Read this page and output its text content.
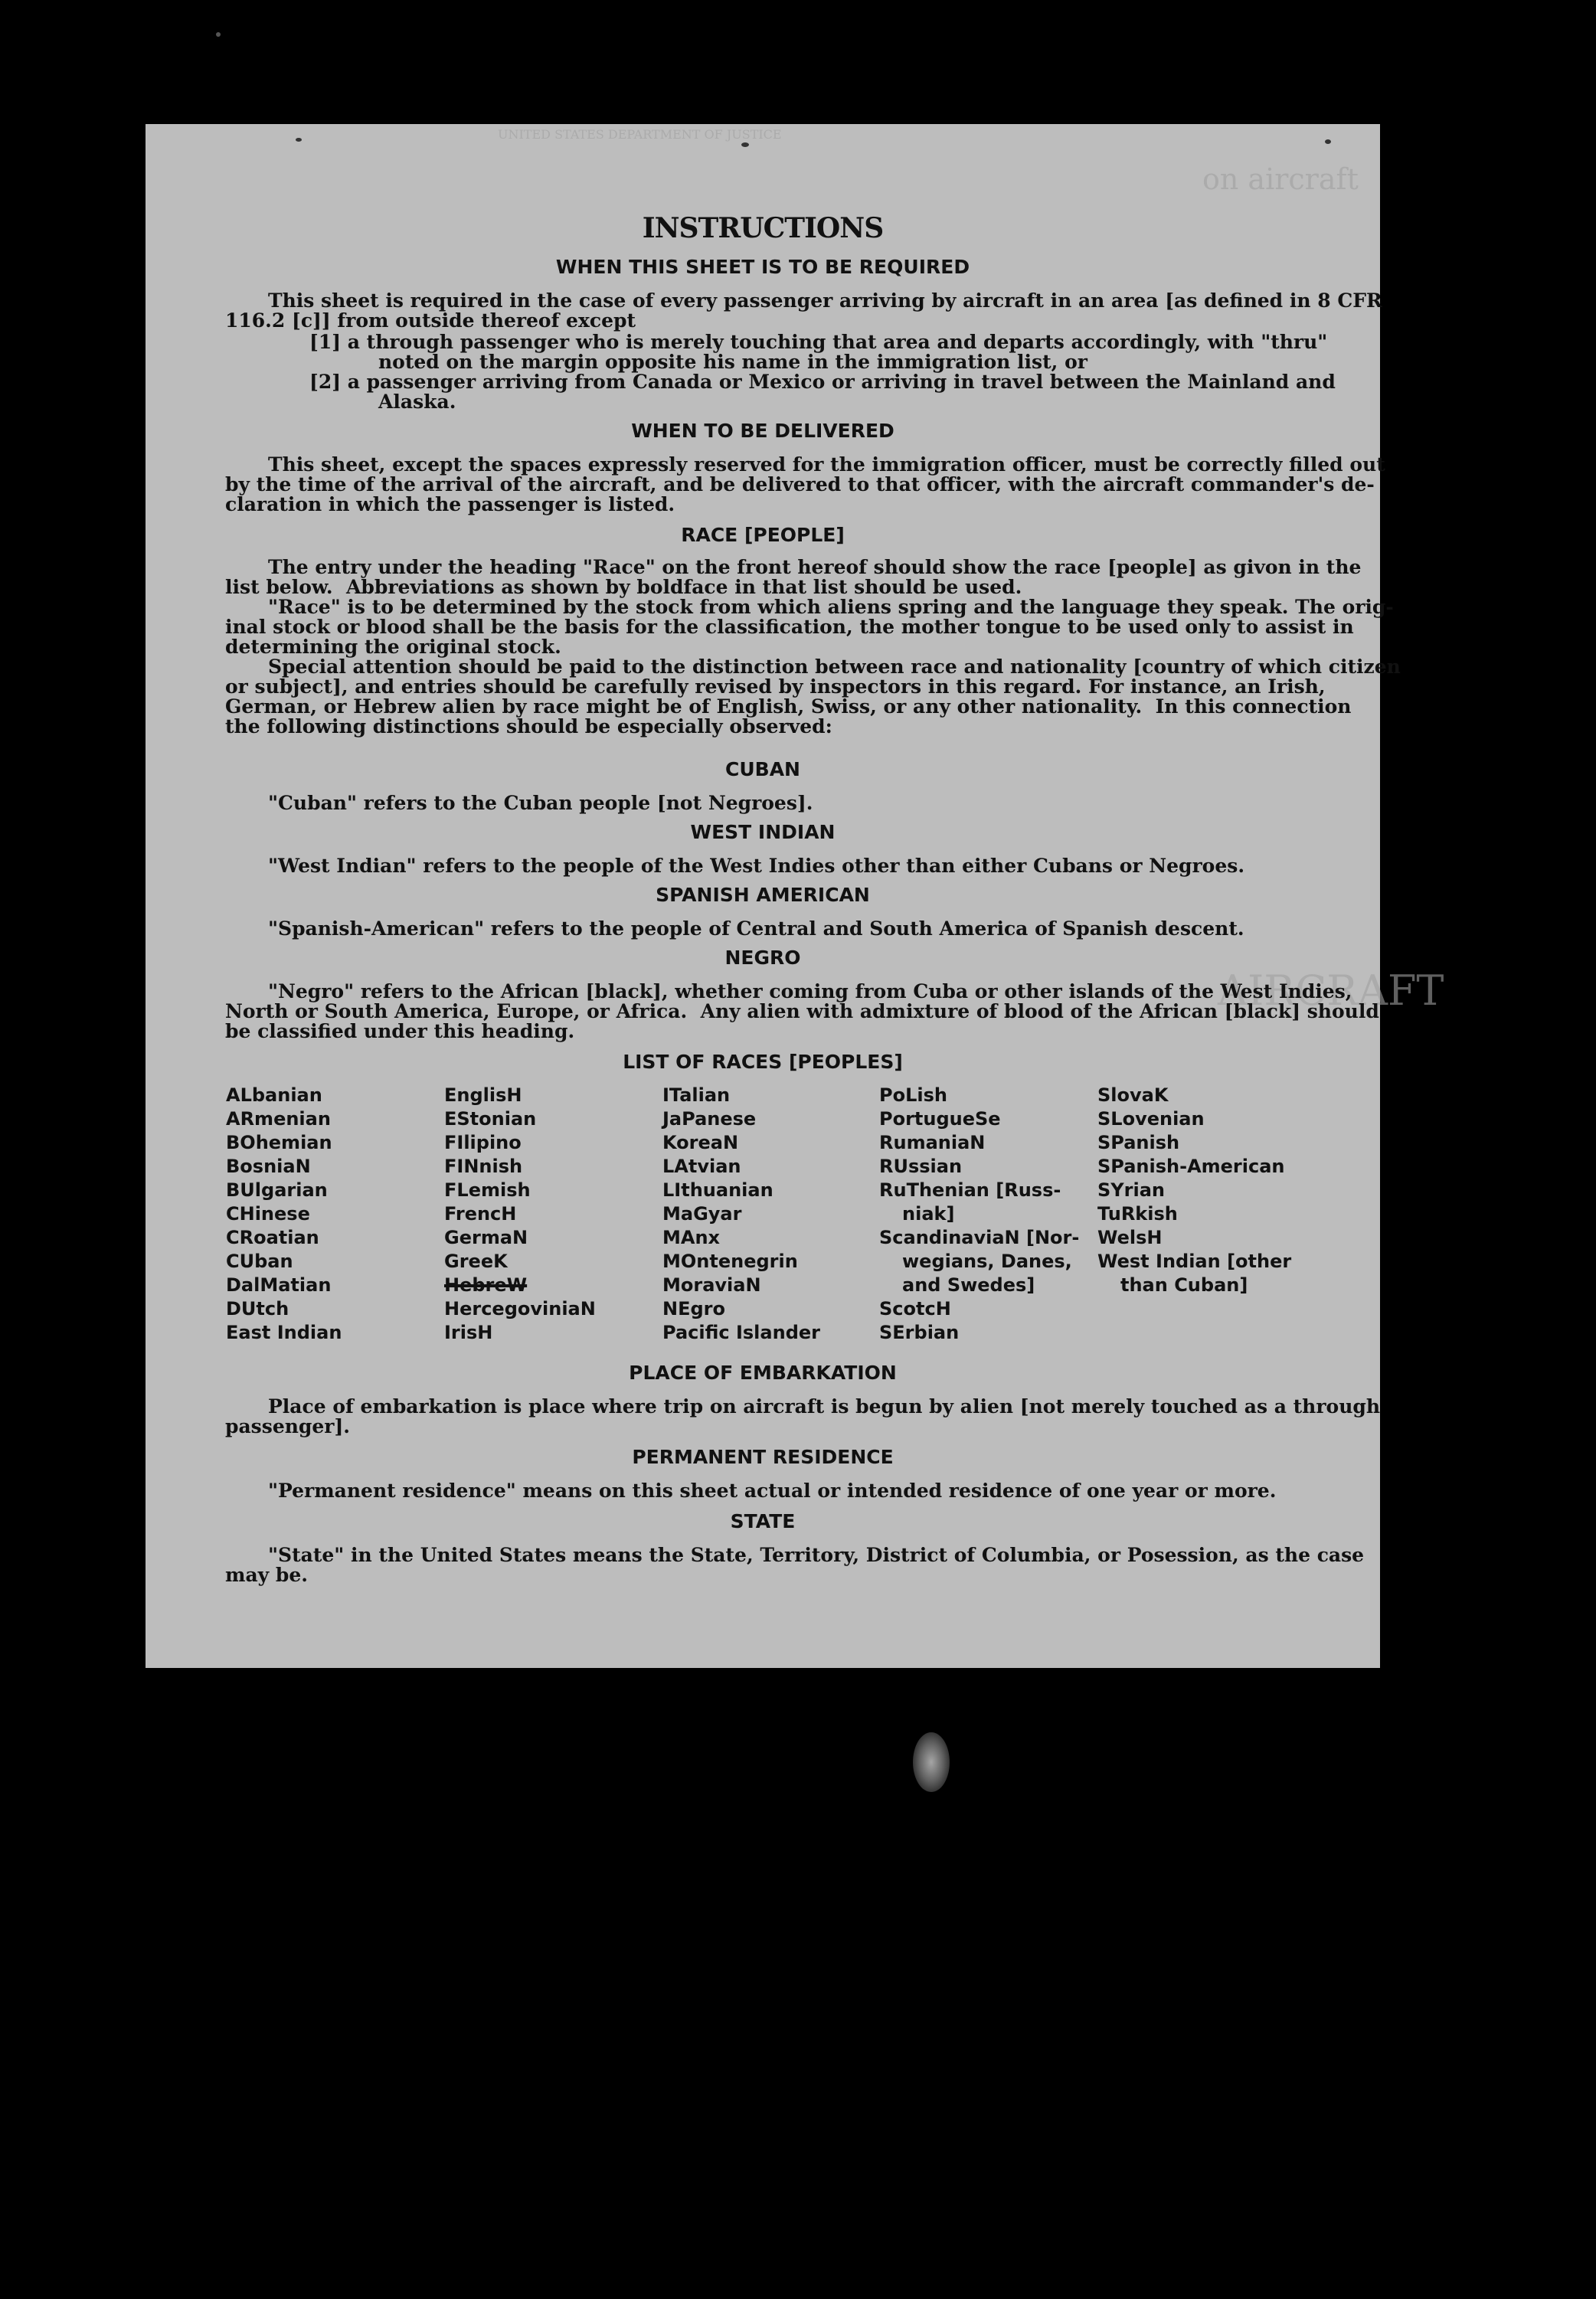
UNITED STATES DEPARTMENT OF JUSTICE
on aircraft
AIRCRAFT
INSTRUCTIONS
WHEN THIS SHEET IS TO BE REQUIRED
This sheet is required in the case of every passenger arriving by aircraft in an area [as defined in 8 CFR
116.2 [c]] from outside thereof except
[1] a through passenger who is merely touching that area and departs accordingly, with "thru"
noted on the margin opposite his name in the immigration list, or
[2] a passenger arriving from Canada or Mexico or arriving in travel between the Mainland and
Alaska.
WHEN TO BE DELIVERED
This sheet, except the spaces expressly reserved for the immigration officer, must be correctly filled out
by the time of the arrival of the aircraft, and be delivered to that officer, with the aircraft commander's de-
claration in which the passenger is listed.
RACE [PEOPLE]
The entry under the heading "Race" on the front hereof should show the race [people] as givon in the
list below.  Abbreviations as shown by boldface in that list should be used.
"Race" is to be determined by the stock from which aliens spring and the language they speak. The orig-
inal stock or blood shall be the basis for the classification, the mother tongue to be used only to assist in
determining the original stock.
Special attention should be paid to the distinction between race and nationality [country of which citizen
or subject], and entries should be carefully revised by inspectors in this regard. For instance, an Irish,
German, or Hebrew alien by race might be of English, Swiss, or any other nationality.  In this connection
the following distinctions should be especially observed:
CUBAN
"Cuban" refers to the Cuban people [not Negroes].
WEST INDIAN
"West Indian" refers to the people of the West Indies other than either Cubans or Negroes.
SPANISH AMERICAN
"Spanish-American" refers to the people of Central and South America of Spanish descent.
NEGRO
"Negro" refers to the African [black], whether coming from Cuba or other islands of the West Indies,
North or South America, Europe, or Africa.  Any alien with admixture of blood of the African [black] should
be classified under this heading.
LIST OF RACES [PEOPLES]
ALbanian
ARmenian
BOhemian
BosniaN
BUlgarian
CHinese
CRoatian
CUban
DalMatian
DUtch
East Indian
EnglisH
EStonian
FIlipino
FINnish
FLemish
FrencH
GermaN
GreeK
HebreW
HercegoviniaN
IrisH
ITalian
JaPanese
KoreaN
LAtvian
LIthuanian
MaGyar
MAnx
MOntenegrin
MoraviaN
NEgro
Pacific Islander
PoLish
PortugueSe
RumaniaN
RUssian
RuThenian [Russ-
niak]
ScandinaviaN [Nor-
wegians, Danes,
and Swedes]
ScotcH
SErbian
SlovaK
SLovenian
SPanish
SPanish-American
SYrian
TuRkish
WelsH
West Indian [other
than Cuban]
PLACE OF EMBARKATION
Place of embarkation is place where trip on aircraft is begun by alien [not merely touched as a through
passenger].
PERMANENT RESIDENCE
"Permanent residence" means on this sheet actual or intended residence of one year or more.
STATE
"State" in the United States means the State, Territory, District of Columbia, or Posession, as the case
may be.
